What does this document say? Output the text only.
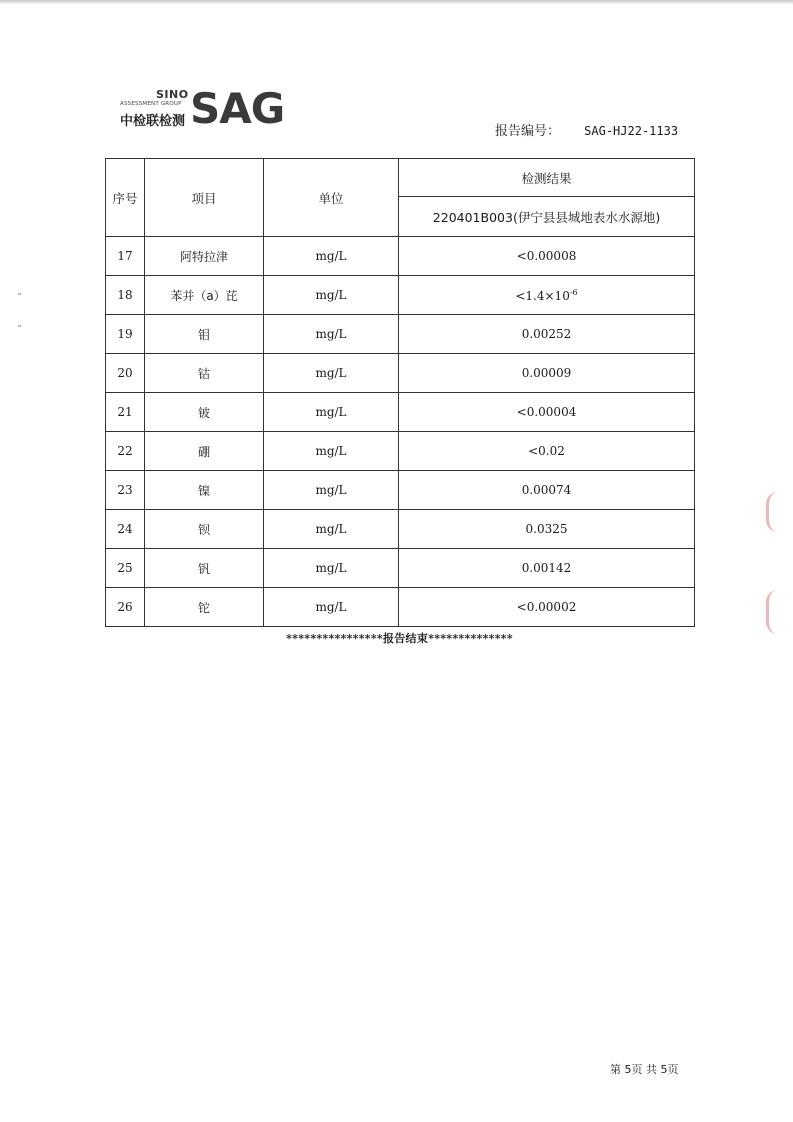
SINO
ASSESSMENT GROUP
中检联检测 SAG	报告编号： SAG-HJ22-1133
序号	项目	单位	检测结果
			220401B003(伊宁县县城地表水水源地)
17	阿特拉津	mg/L	<0.00008
18	苯并（a）芘	mg/L	$<1.4\times 10^{-6}$
19	钼	mg/L	0.00252
20	钴	mg/L	0.00009
21	铍	mg/L	<0.00004
22	硼	mg/L	<0.02
23	镍	mg/L	0.00074
24	钡	mg/L	0.0325
25	钒	mg/L	0.00142
26	铊	mg/L	<0.00002
****************报告结束**************
第 5页 共 5页
